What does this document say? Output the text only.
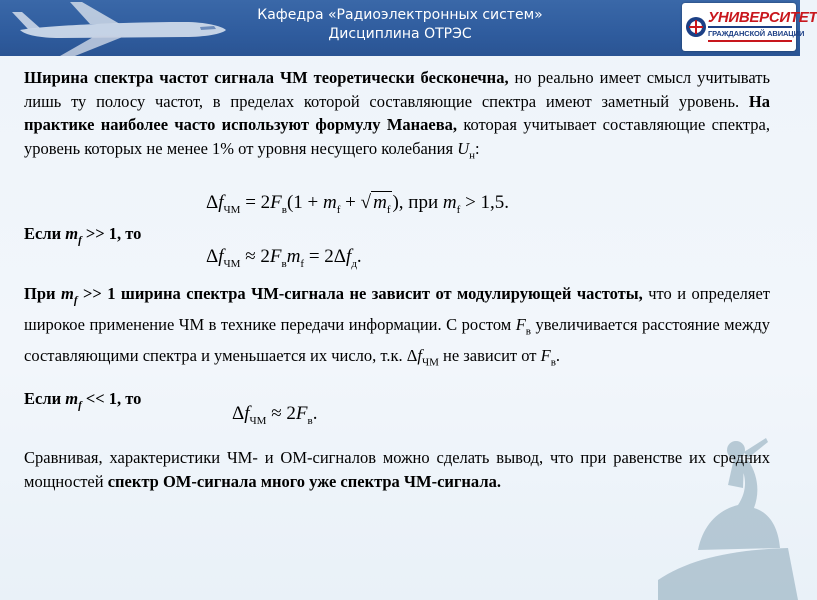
Кафедра «Радиоэлектронных систем»
Дисциплина ОТРЭС
УНИВЕРСИТЕТ
ГРАЖДАНСКОЙ АВИАЦИИ
Ширина спектра частот сигнала ЧМ теоретически бесконечна, но реально имеет смысл учитывать лишь ту полосу частот, в пределах которой составляющие спектра имеют заметный уровень. На практике наиболее часто используют формулу Манаева, которая учитывает составляющие спектра, уровень которых не менее 1% от уровня несущего колебания $U_н$:
$\Delta f_{ЧМ} = 2F_в(1 + m_f$ + √ $m_f$ ), при $m_f > 1,5$.
Если $m_f >> 1$, то
$\Delta f_{ЧМ} \approx 2F_вm_f = 2\Delta f_д$.
При $m_f >> 1$ ширина спектра ЧМ-сигнала не зависит от модулирующей частоты, что и определяет широкое применение ЧМ в технике передачи информации. С ростом $F_в$ увеличивается расстояние между составляющими спектра и уменьшается их число, т.к. $\Delta f_{ЧМ}$ не зависит от $F_в$.
Если $m_f << 1$, то
$\Delta f_{ЧМ} \approx 2F_в$.
Сравнивая, характеристики ЧМ- и ОМ-сигналов можно сделать вывод, что при равенстве их средних мощностей спектр ОМ-сигнала много уже спектра ЧМ-сигнала.
